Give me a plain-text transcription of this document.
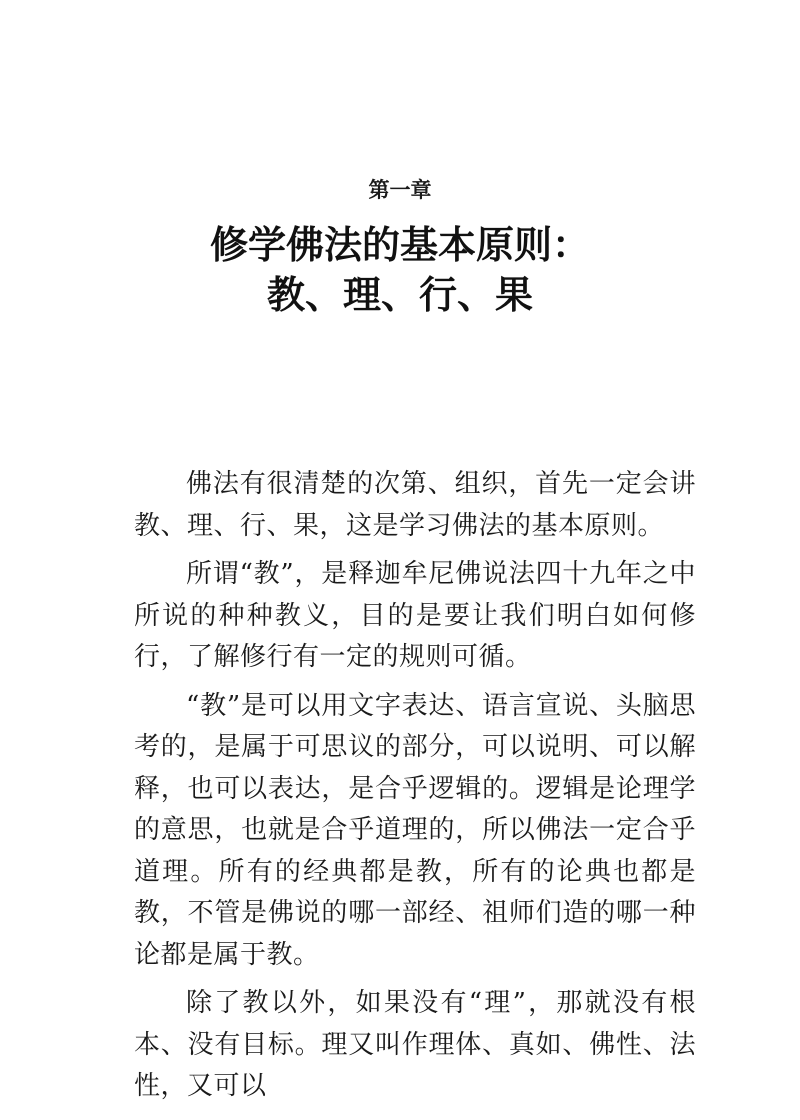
第一章
修学佛法的基本原则：
教、理、行、果

佛法有很清楚的次第、组织，首先一定会讲教、理、行、果，这是学习佛法的基本原则。

所谓“教”，是释迦牟尼佛说法四十九年之中所说的种种教义，目的是要让我们明白如何修行，了解修行有一定的规则可循。

“教”是可以用文字表达、语言宣说、头脑思考的，是属于可思议的部分，可以说明、可以解释，也可以表达，是合乎逻辑的。逻辑是论理学的意思，也就是合乎道理的，所以佛法一定合乎道理。所有的经典都是教，所有的论典也都是教，不管是佛说的哪一部经、祖师们造的哪一种论都是属于教。

除了教以外，如果没有“理”，那就没有根本、没有目标。理又叫作理体、真如、佛性、法性，又可以
